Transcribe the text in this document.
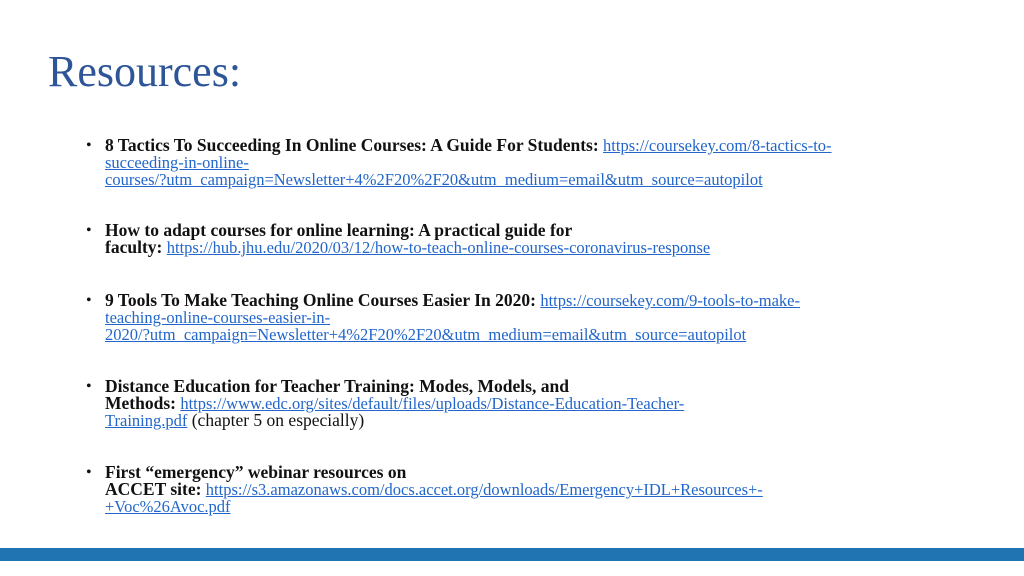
Resources:
• 8 Tactics To Succeeding In Online Courses: A Guide For Students: https://coursekey.com/8-tactics-to-
succeeding-in-online-
courses/?utm_campaign=Newsletter+4%2F20%2F20&utm_medium=email&utm_source=autopilot
• How to adapt courses for online learning: A practical guide for
faculty: https://hub.jhu.edu/2020/03/12/how-to-teach-online-courses-coronavirus-response
• 9 Tools To Make Teaching Online Courses Easier In 2020: https://coursekey.com/9-tools-to-make-
teaching-online-courses-easier-in-
2020/?utm_campaign=Newsletter+4%2F20%2F20&utm_medium=email&utm_source=autopilot
• Distance Education for Teacher Training: Modes, Models, and
Methods: https://www.edc.org/sites/default/files/uploads/Distance-Education-Teacher-
Training.pdf (chapter 5 on especially)
• First “emergency” webinar resources on
ACCET site: https://s3.amazonaws.com/docs.accet.org/downloads/Emergency+IDL+Resources+-
+Voc%26Avoc.pdf
